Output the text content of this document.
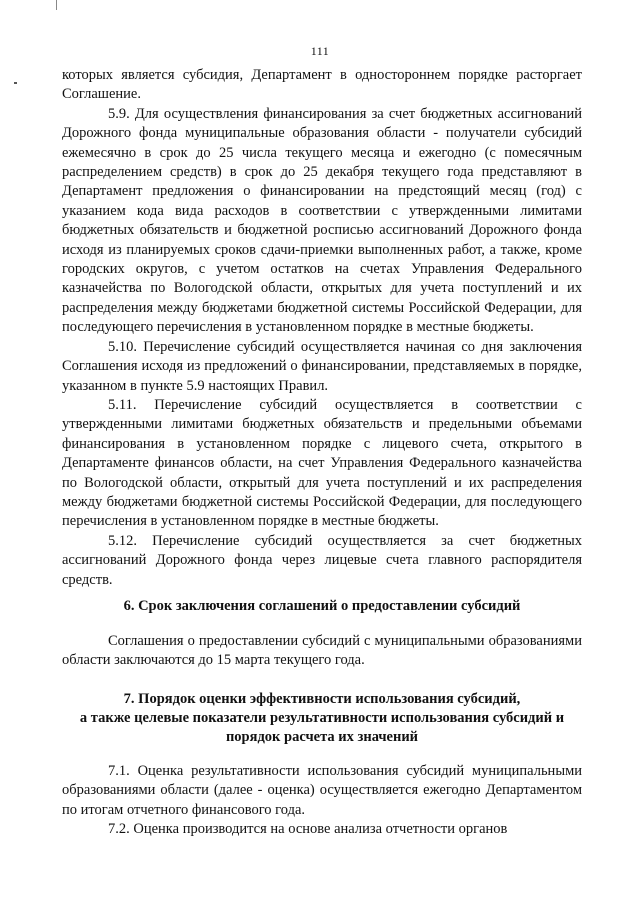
111

которых является субсидия, Департамент в одностороннем порядке расторгает Соглашение.

5.9. Для осуществления финансирования за счет бюджетных ассигнований Дорожного фонда муниципальные образования области - получатели субсидий ежемесячно в срок до 25 числа текущего месяца и ежегодно (с помесячным распределением средств) в срок до 25 декабря текущего года представляют в Департамент предложения о финансировании на предстоящий месяц (год) с указанием кода вида расходов в соответствии с утвержденными лимитами бюджетных обязательств и бюджетной росписью ассигнований Дорожного фонда исходя из планируемых сроков сдачи-приемки выполненных работ, а также, кроме городских округов, с учетом остатков на счетах Управления Федерального казначейства по Вологодской области, открытых для учета поступлений и их распределения между бюджетами бюджетной системы Российской Федерации, для последующего перечисления в установленном порядке в местные бюджеты.

5.10. Перечисление субсидий осуществляется начиная со дня заключения Соглашения исходя из предложений о финансировании, представляемых в порядке, указанном в пункте 5.9 настоящих Правил.

5.11. Перечисление субсидий осуществляется в соответствии с утвержденными лимитами бюджетных обязательств и предельными объемами финансирования в установленном порядке с лицевого счета, открытого в Департаменте финансов области, на счет Управления Федерального казначейства по Вологодской области, открытый для учета поступлений и их распределения между бюджетами бюджетной системы Российской Федерации, для последующего перечисления в установленном порядке в местные бюджеты.

5.12. Перечисление субсидий осуществляется за счет бюджетных ассигнований Дорожного фонда через лицевые счета главного распорядителя средств.

6. Срок заключения соглашений о предоставлении субсидий

Соглашения о предоставлении субсидий с муниципальными образованиями области заключаются до 15 марта текущего года.

7. Порядок оценки эффективности использования субсидий,
а также целевые показатели результативности использования субсидий и
порядок расчета их значений

7.1. Оценка результативности использования субсидий муниципальными образованиями области (далее - оценка) осуществляется ежегодно Департаментом по итогам отчетного финансового года.

7.2. Оценка производится на основе анализа отчетности органов
